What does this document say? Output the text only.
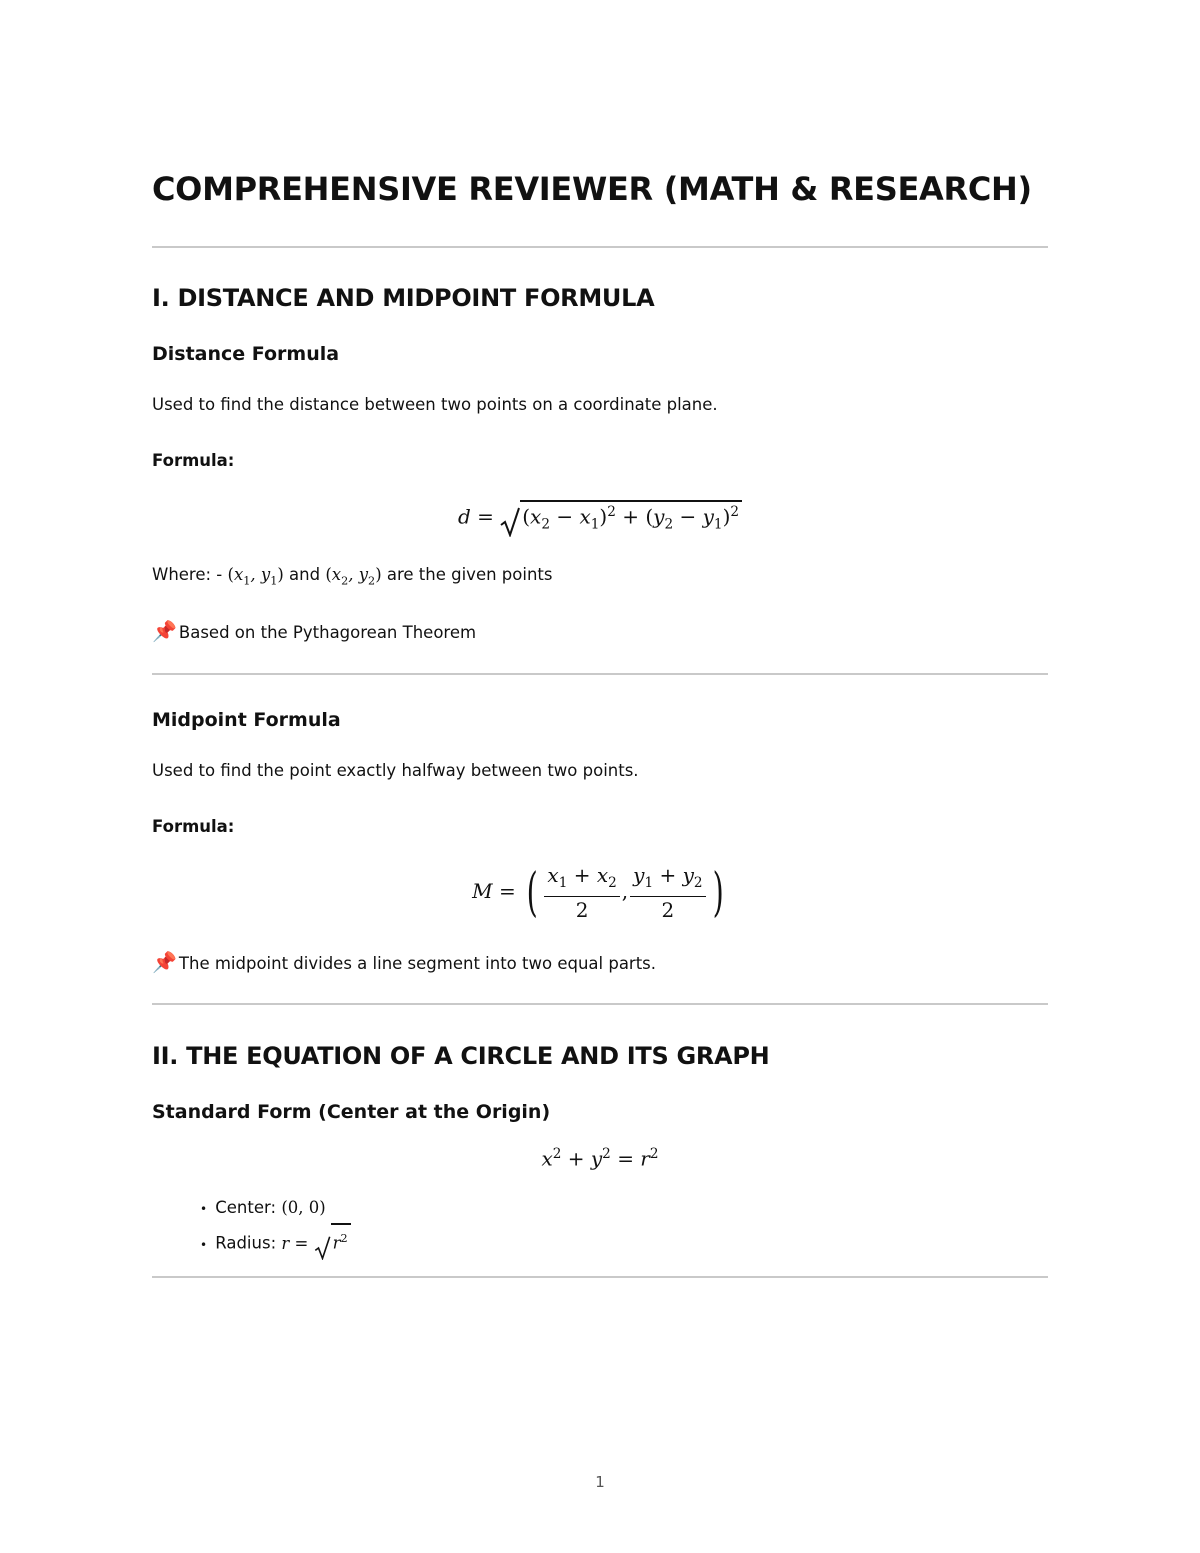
COMPREHENSIVE REVIEWER (MATH & RESEARCH)
I. DISTANCE AND MIDPOINT FORMULA
Distance Formula

Used to find the distance between two points on a coordinate plane.

Formula:

$d = (x_2 - x_1)^2 + (y_2 - y_1)^2$

Where: - ($x_1$, $y_1$) and ($x_2$, $y_2$) are the given points

📌 Based on the Pythagorean Theorem

Midpoint Formula

Used to find the point exactly halfway between two points.

Formula:

M = ( $\frac{x_1 + x_2}{2}$ , $\frac{y_1 + y_2}{2}$ )

📌 The midpoint divides a line segment into two equal parts.

II. THE EQUATION OF A CIRCLE AND ITS GRAPH
Standard Form (Center at the Origin)
$x^2 + y^2 = r^2$
• Center: (0, 0)
• Radius: $r = r^2$
1
